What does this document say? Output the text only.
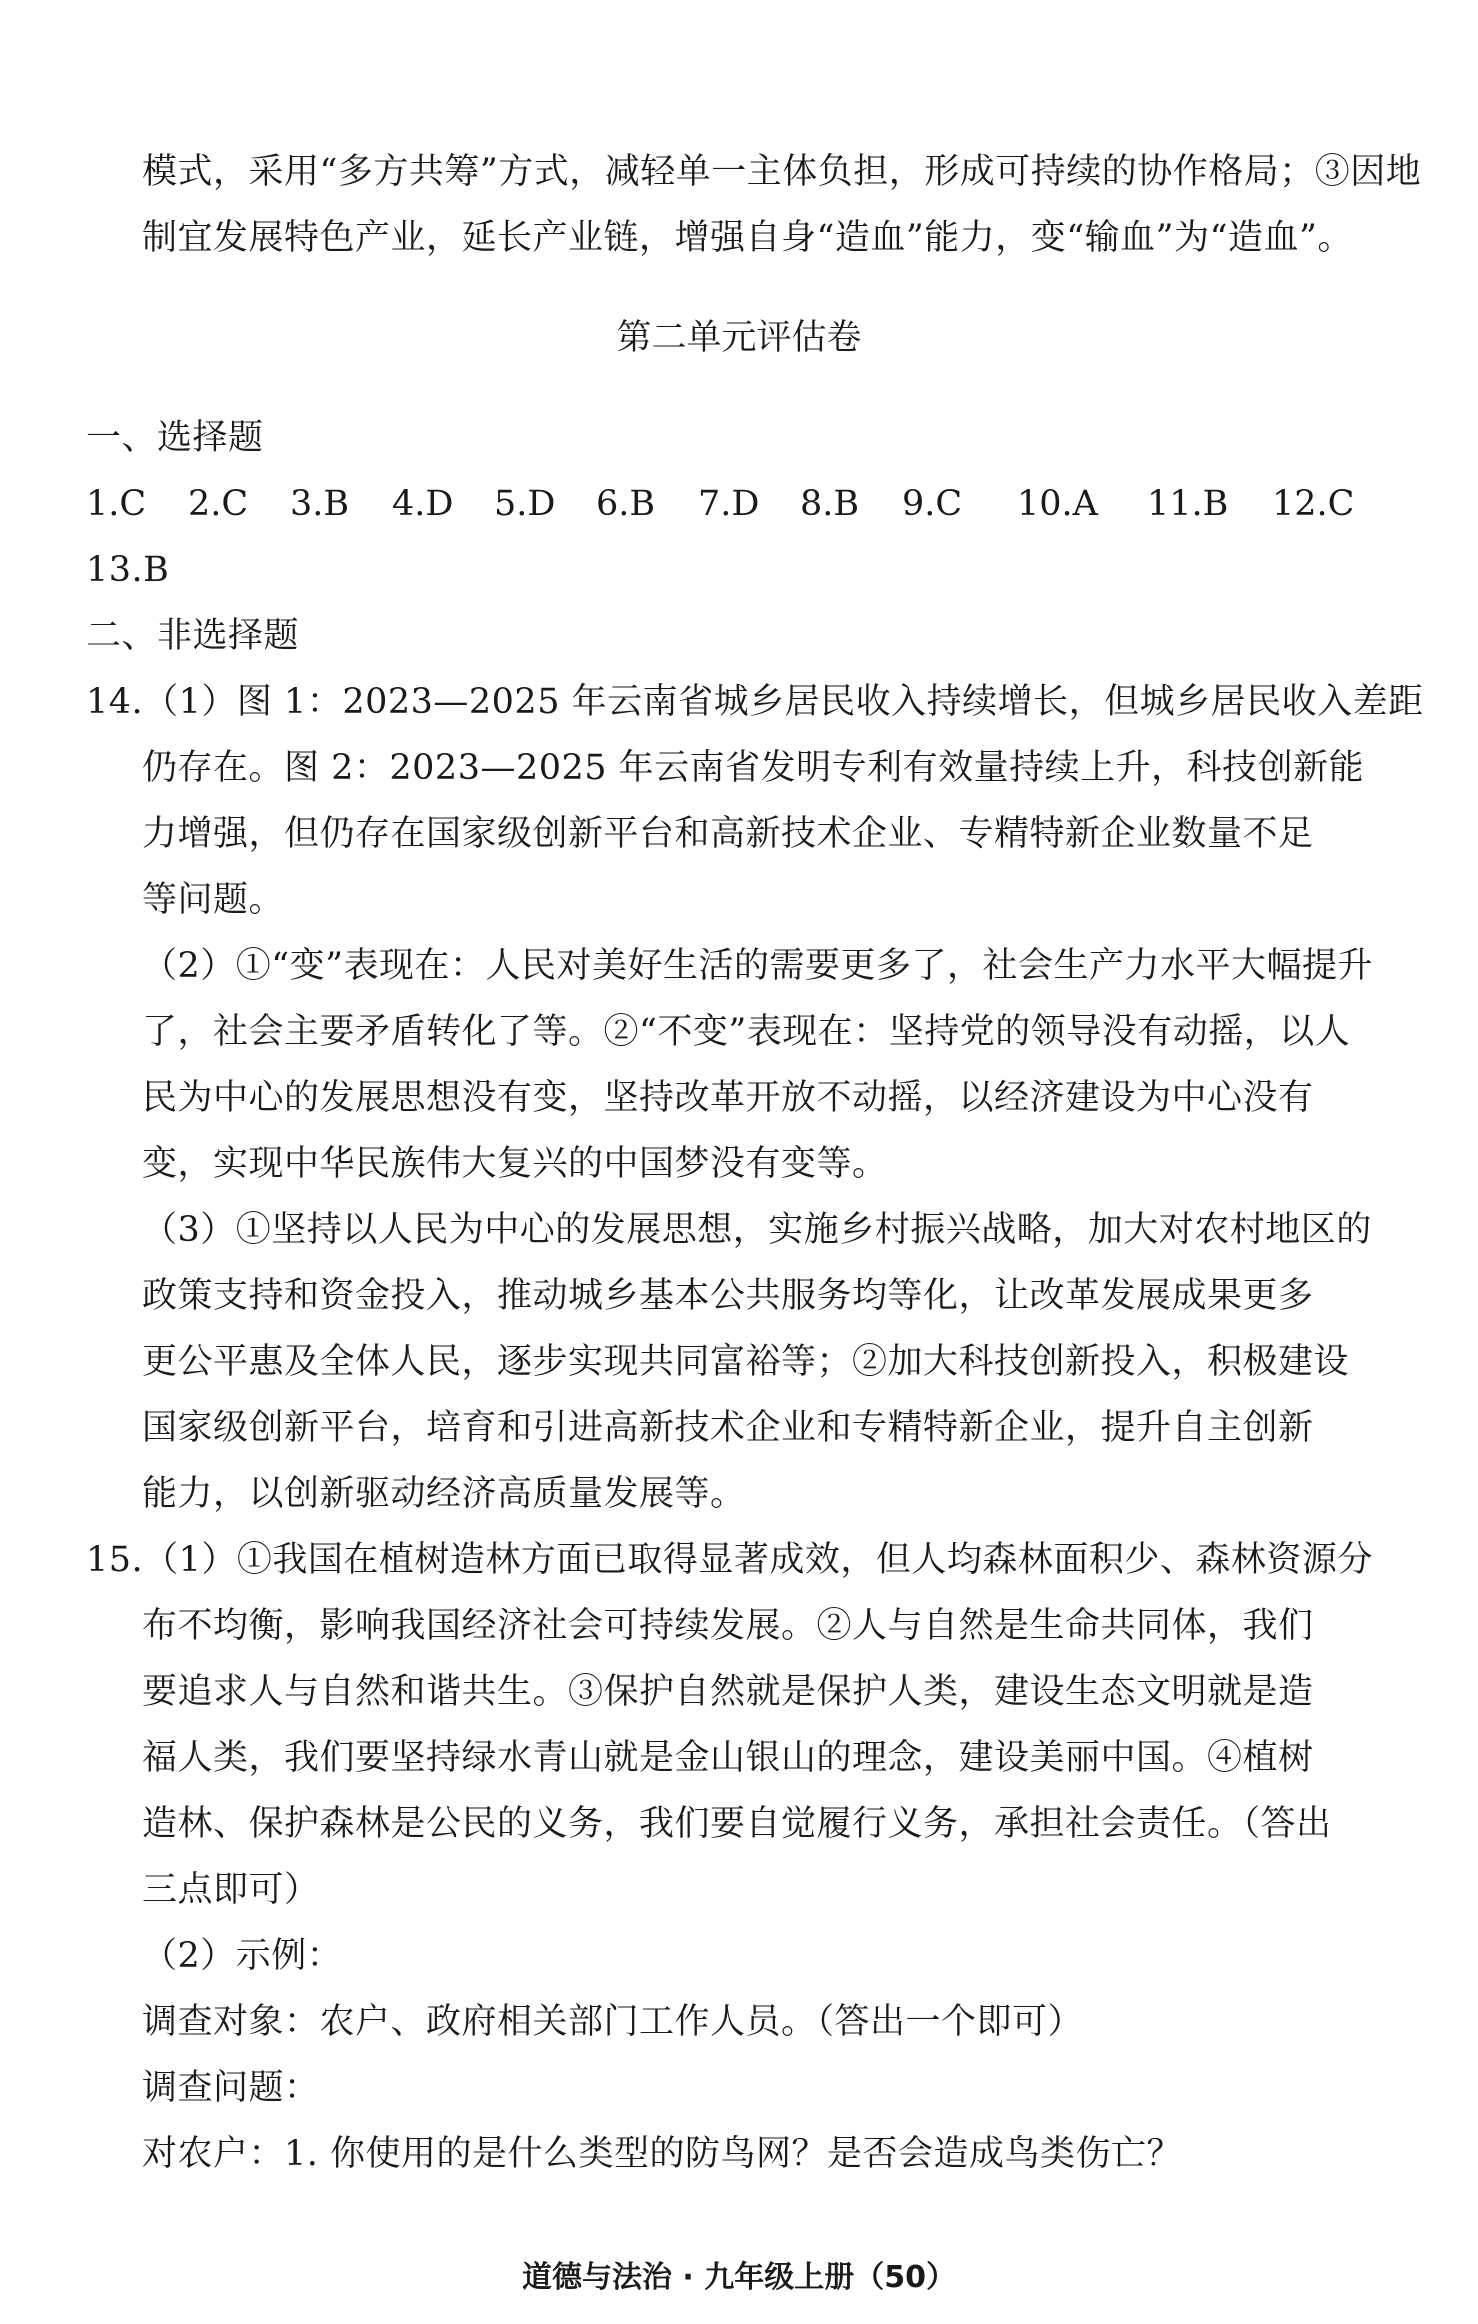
模式，采用“多方共筹”方式，减轻单一主体负担，形成可持续的协作格局；③因地
制宜发展特色产业，延长产业链，增强自身“造血”能力，变“输血”为“造血”。
第二单元评估卷
一、选择题
1.C	2.C	3.B	4.D	5.D	6.B	7.D	8.B	9.C	10.A	11.B	12.C
13.B
二、非选择题
14.（1）图 1：2023—2025 年云南省城乡居民收入持续增长，但城乡居民收入差距
仍存在。图 2：2023—2025 年云南省发明专利有效量持续上升，科技创新能
力增强，但仍存在国家级创新平台和高新技术企业、专精特新企业数量不足
等问题。
（2）①“变”表现在：人民对美好生活的需要更多了，社会生产力水平大幅提升
了，社会主要矛盾转化了等。②“不变”表现在：坚持党的领导没有动摇，以人
民为中心的发展思想没有变，坚持改革开放不动摇，以经济建设为中心没有
变，实现中华民族伟大复兴的中国梦没有变等。
（3）①坚持以人民为中心的发展思想，实施乡村振兴战略，加大对农村地区的
政策支持和资金投入，推动城乡基本公共服务均等化，让改革发展成果更多
更公平惠及全体人民，逐步实现共同富裕等；②加大科技创新投入，积极建设
国家级创新平台，培育和引进高新技术企业和专精特新企业，提升自主创新
能力，以创新驱动经济高质量发展等。
15.（1）①我国在植树造林方面已取得显著成效，但人均森林面积少、森林资源分
布不均衡，影响我国经济社会可持续发展。②人与自然是生命共同体，我们
要追求人与自然和谐共生。③保护自然就是保护人类，建设生态文明就是造
福人类，我们要坚持绿水青山就是金山银山的理念，建设美丽中国。④植树
造林、保护森林是公民的义务，我们要自觉履行义务，承担社会责任。（答出
三点即可）
（2）示例：
调查对象：农户、政府相关部门工作人员。（答出一个即可）
调查问题：
对农户：1. 你使用的是什么类型的防鸟网？是否会造成鸟类伤亡？
道德与法治 · 九年级上册（50）
